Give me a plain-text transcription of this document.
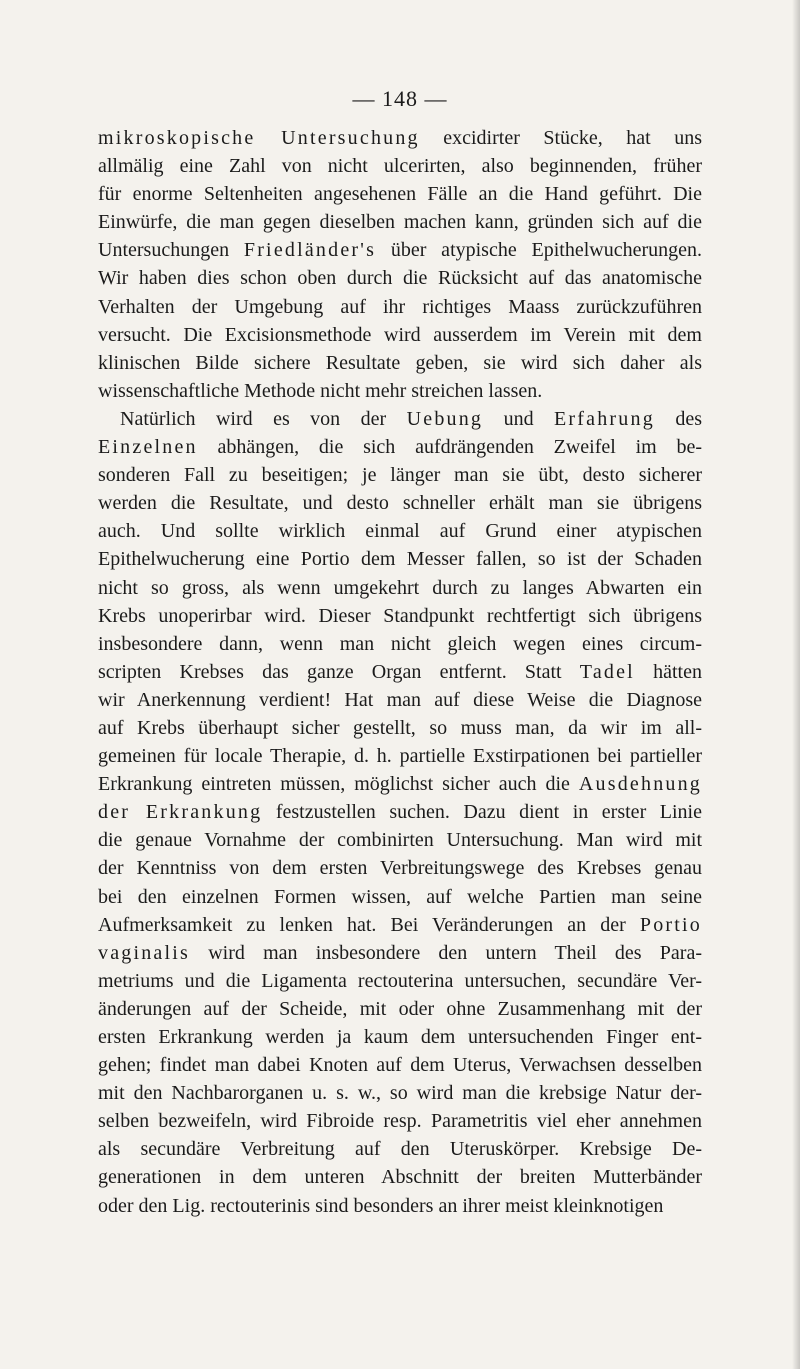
— 148 —
mikroskopische Untersuchung excidirter Stücke, hat uns
allmälig eine Zahl von nicht ulcerirten, also beginnenden, früher
für enorme Seltenheiten angesehenen Fälle an die Hand geführt. Die
Einwürfe, die man gegen dieselben machen kann, gründen sich auf die
Untersuchungen Friedländer's über atypische Epithelwucherungen.
Wir haben dies schon oben durch die Rücksicht auf das anatomische
Verhalten der Umgebung auf ihr richtiges Maass zurückzuführen
versucht. Die Excisionsmethode wird ausserdem im Verein mit dem
klinischen Bilde sichere Resultate geben, sie wird sich daher als
wissenschaftliche Methode nicht mehr streichen lassen.
Natürlich wird es von der Uebung und Erfahrung des
Einzelnen abhängen, die sich aufdrängenden Zweifel im be-
sonderen Fall zu beseitigen; je länger man sie übt, desto sicherer
werden die Resultate, und desto schneller erhält man sie übrigens
auch. Und sollte wirklich einmal auf Grund einer atypischen
Epithelwucherung eine Portio dem Messer fallen, so ist der Schaden
nicht so gross, als wenn umgekehrt durch zu langes Abwarten ein
Krebs unoperirbar wird. Dieser Standpunkt rechtfertigt sich übrigens
insbesondere dann, wenn man nicht gleich wegen eines circum-
scripten Krebses das ganze Organ entfernt. Statt Tadel hätten
wir Anerkennung verdient! Hat man auf diese Weise die Diagnose
auf Krebs überhaupt sicher gestellt, so muss man, da wir im all-
gemeinen für locale Therapie, d. h. partielle Exstirpationen bei partieller
Erkrankung eintreten müssen, möglichst sicher auch die Ausdehnung
der Erkrankung festzustellen suchen. Dazu dient in erster Linie
die genaue Vornahme der combinirten Untersuchung. Man wird mit
der Kenntniss von dem ersten Verbreitungswege des Krebses genau
bei den einzelnen Formen wissen, auf welche Partien man seine
Aufmerksamkeit zu lenken hat. Bei Veränderungen an der Portio
vaginalis wird man insbesondere den untern Theil des Para-
metriums und die Ligamenta rectouterina untersuchen, secundäre Ver-
änderungen auf der Scheide, mit oder ohne Zusammenhang mit der
ersten Erkrankung werden ja kaum dem untersuchenden Finger ent-
gehen; findet man dabei Knoten auf dem Uterus, Verwachsen desselben
mit den Nachbarorganen u. s. w., so wird man die krebsige Natur der-
selben bezweifeln, wird Fibroide resp. Parametritis viel eher annehmen
als secundäre Verbreitung auf den Uteruskörper. Krebsige De-
generationen in dem unteren Abschnitt der breiten Mutterbänder
oder den Lig. rectouterinis sind besonders an ihrer meist kleinknotigen
